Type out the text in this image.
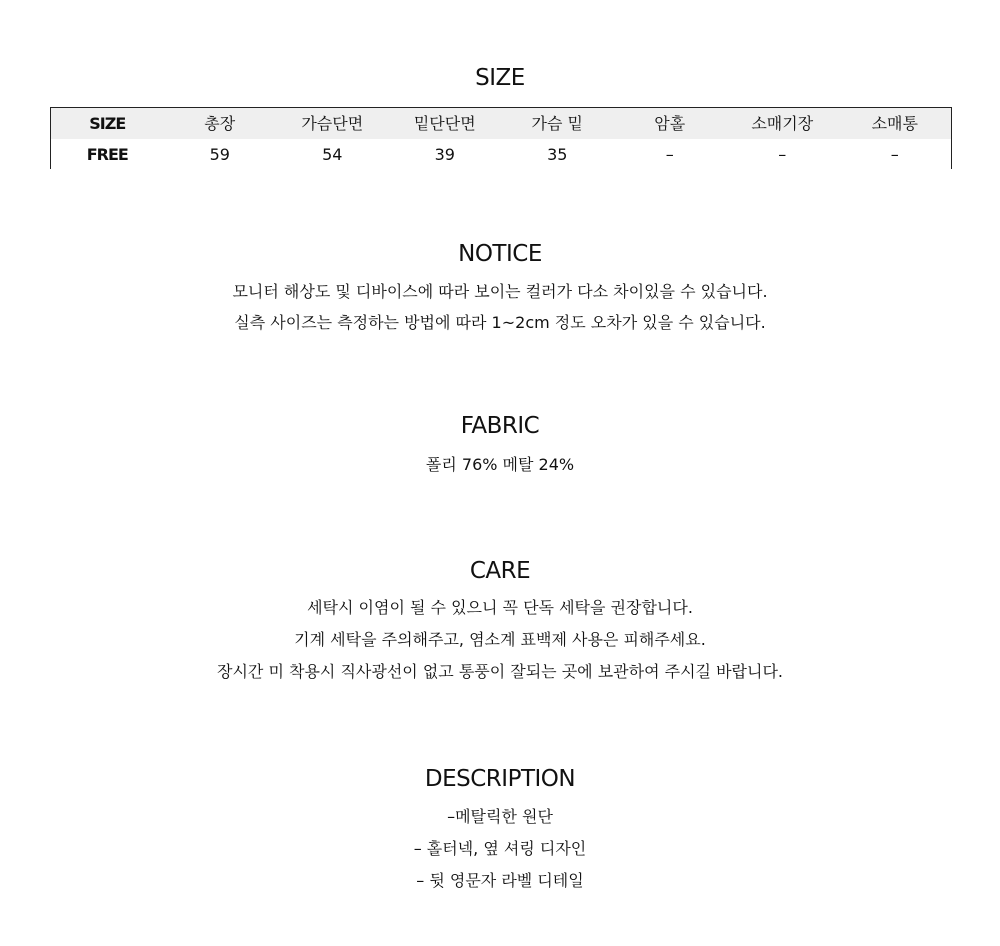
SIZE
SIZE	총장	가슴단면	밑단단면	가슴 밑	암홀	소매기장	소매통
FREE	59	54	39	35	–	–	–
NOTICE

모니터 해상도 및 디바이스에 따라 보이는 컬러가 다소 차이있을 수 있습니다.

실측 사이즈는 측정하는 방법에 따라 1~2cm 정도 오차가 있을 수 있습니다.

FABRIC

폴리 76% 메탈 24%

CARE

세탁시 이염이 될 수 있으니 꼭 단독 세탁을 권장합니다.

기계 세탁을 주의해주고, 염소계 표백제 사용은 피해주세요.

장시간 미 착용시 직사광선이 없고 통풍이 잘되는 곳에 보관하여 주시길 바랍니다.

DESCRIPTION

–메탈릭한 원단

– 홀터넥, 옆 셔링 디자인

– 뒷 영문자 라벨 디테일
